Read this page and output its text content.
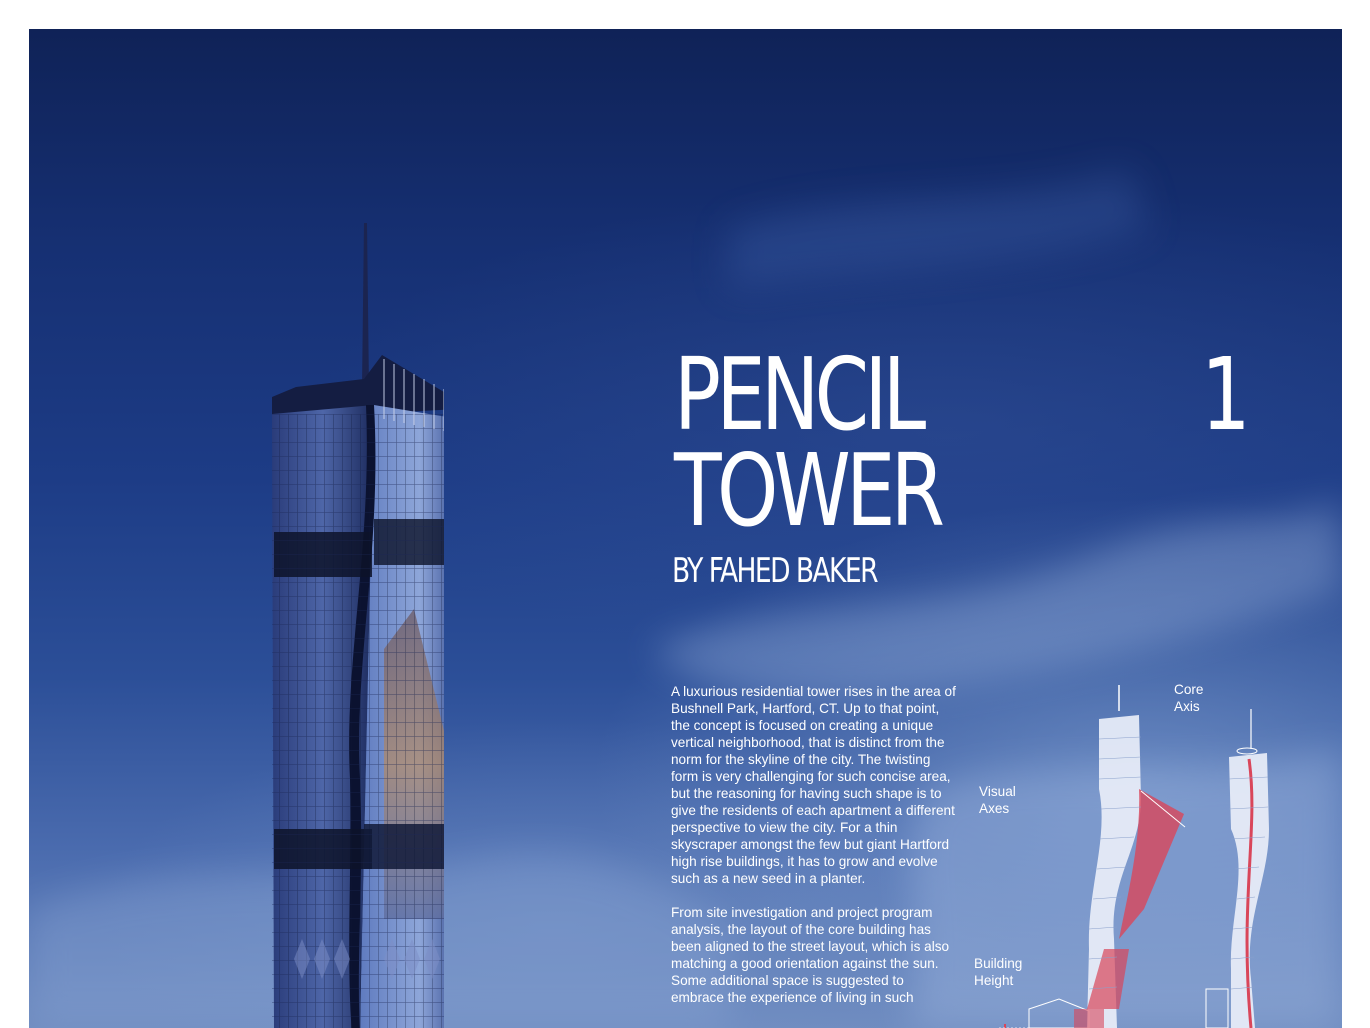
PENCIL
TOWER
1
BY FAHED BAKER

A luxurious residential tower rises in the area of Bushnell Park, Hartford, CT. Up to that point, the concept is focused on creating a unique vertical neighborhood, that is distinct from the norm for the skyline of the city. The twisting form is very challenging for such concise area, but the reasoning for having such shape is to give the residents of each apartment a different perspective to view the city. For a thin skyscraper amongst the few but giant Hartford high rise buildings, it has to grow and evolve such as a new seed in a planter.

From site investigation and project program analysis, the layout of the core building has been aligned to the street layout, which is also matching a good orientation against the sun. Some additional space is suggested to embrace the experience of living in such

Core
Axis
Visual
Axes
Building
Height
